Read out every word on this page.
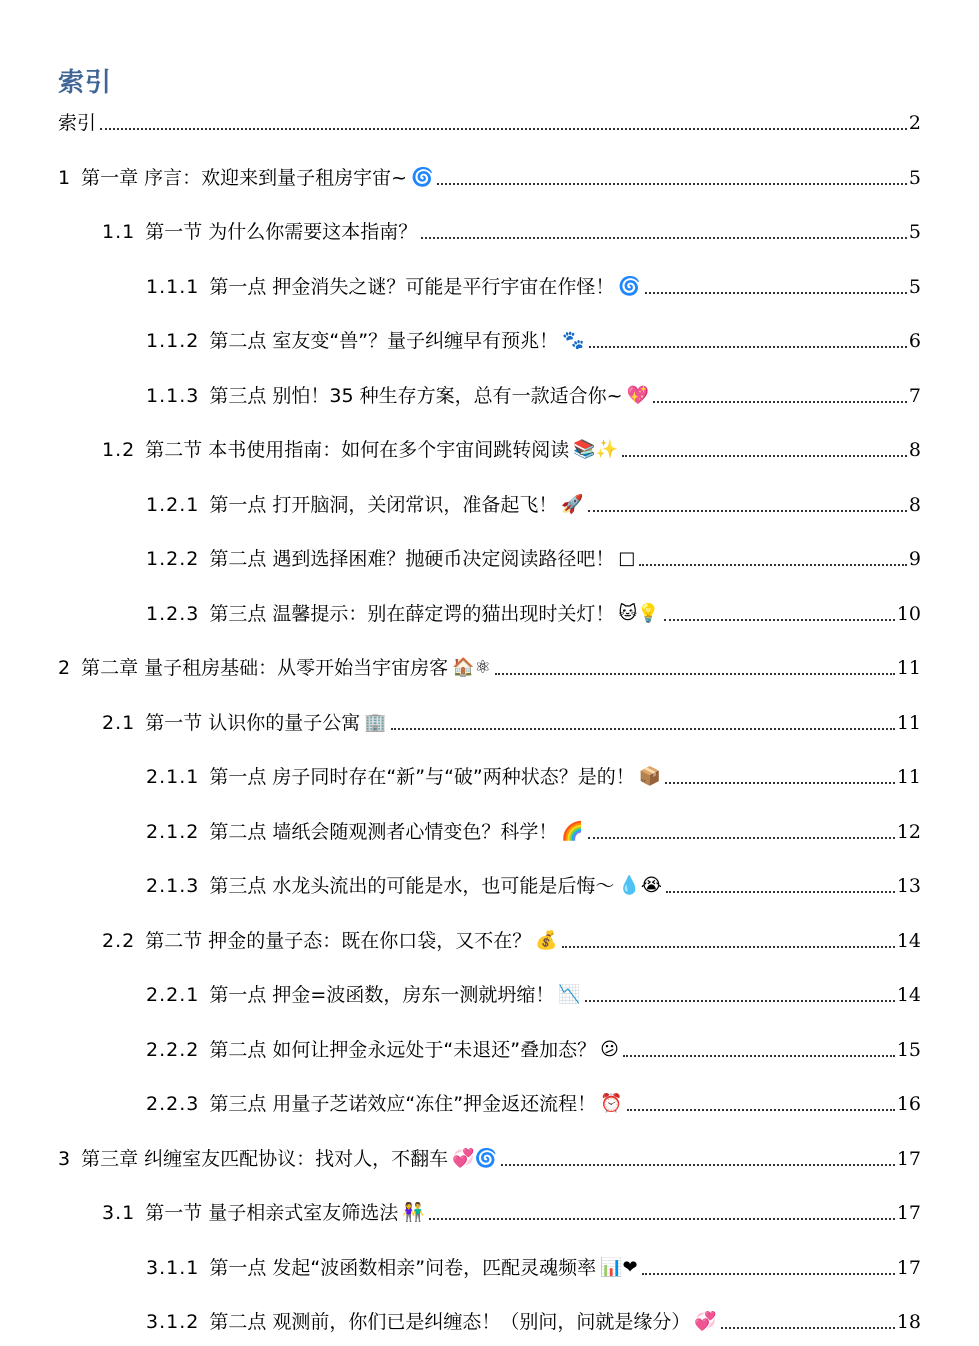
索引
索引	2
1 第一章 序言：欢迎来到量子租房宇宙~ 🌀	5
1.1 第一节 为什么你需要这本指南？	5
1.1.1 第一点 押金消失之谜？可能是平行宇宙在作怪！ 🌀	5
1.1.2 第二点 室友变“兽”？量子纠缠早有预兆！ 🐾	6
1.1.3 第三点 别怕！35 种生存方案，总有一款适合你~ 💖	7
1.2 第二节 本书使用指南：如何在多个宇宙间跳转阅读 📚✨	8
1.2.1 第一点 打开脑洞，关闭常识，准备起飞！ 🚀	8
1.2.2 第二点 遇到选择困难？抛硬币决定阅读路径吧！ □	9
1.2.3 第三点 温馨提示：别在薛定谔的猫出现时关灯！ 🐱💡	10
2 第二章 量子租房基础：从零开始当宇宙房客 🏠⚛	11
2.1 第一节 认识你的量子公寓 🏢	11
2.1.1 第一点 房子同时存在“新”与“破”两种状态？是的！ 📦	11
2.1.2 第二点 墙纸会随观测者心情变色？科学！ 🌈	12
2.1.3 第三点 水龙头流出的可能是水，也可能是后悔～ 💧😭	13
2.2 第二节 押金的量子态：既在你口袋，又不在？ 💰	14
2.2.1 第一点 押金=波函数，房东一测就坍缩！ 📉	14
2.2.2 第二点 如何让押金永远处于“未退还”叠加态？ 😕	15
2.2.3 第三点 用量子芝诺效应“冻住”押金返还流程！ ⏰	16
3 第三章 纠缠室友匹配协议：找对人，不翻车 💞🌀	17
3.1 第一节 量子相亲式室友筛选法 👫	17
3.1.1 第一点 发起“波函数相亲”问卷，匹配灵魂频率 📊❤	17
3.1.2 第二点 观测前，你们已是纠缠态！（别问，问就是缘分） 💞	18
